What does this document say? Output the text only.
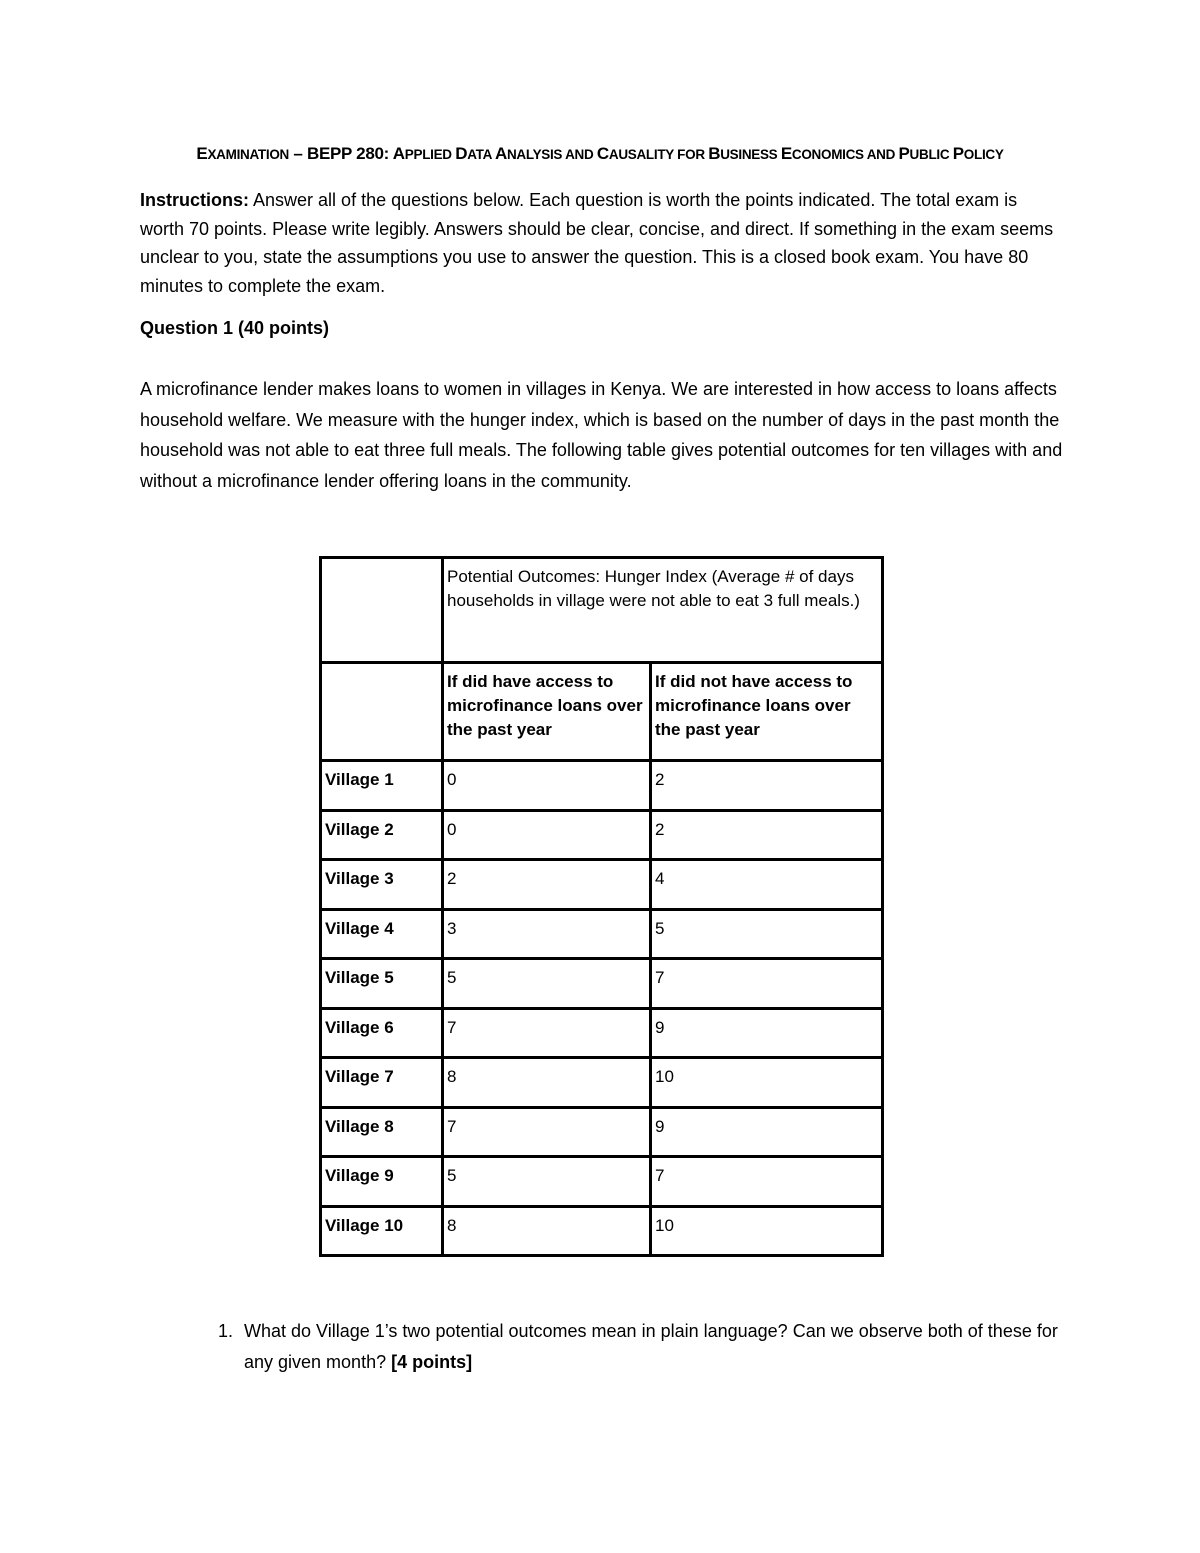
EXAMINATION – BEPP 280: APPLIED DATA ANALYSIS AND CAUSALITY FOR BUSINESS ECONOMICS AND PUBLIC POLICY
Instructions: Answer all of the questions below. Each question is worth the points indicated. The total exam is worth 70 points. Please write legibly. Answers should be clear, concise, and direct. If something in the exam seems unclear to you, state the assumptions you use to answer the question. This is a closed book exam. You have 80 minutes to complete the exam.
Question 1 (40 points)
A microfinance lender makes loans to women in villages in Kenya. We are interested in how access to loans affects household welfare. We measure with the hunger index, which is based on the number of days in the past month the household was not able to eat three full meals. The following table gives potential outcomes for ten villages with and without a microfinance lender offering loans in the community.
	Potential Outcomes: Hunger Index (Average # of days households in village were not able to eat 3 full meals.)	
	If did have access to microfinance loans over the past year	If did not have access to microfinance loans over the past year
Village 1	0	2
Village 2	0	2
Village 3	2	4
Village 4	3	5
Village 5	5	7
Village 6	7	9
Village 7	8	10
Village 8	7	9
Village 9	5	7
Village 10	8	10
1. What do Village 1’s two potential outcomes mean in plain language? Can we observe both of these for any given month? [4 points]
